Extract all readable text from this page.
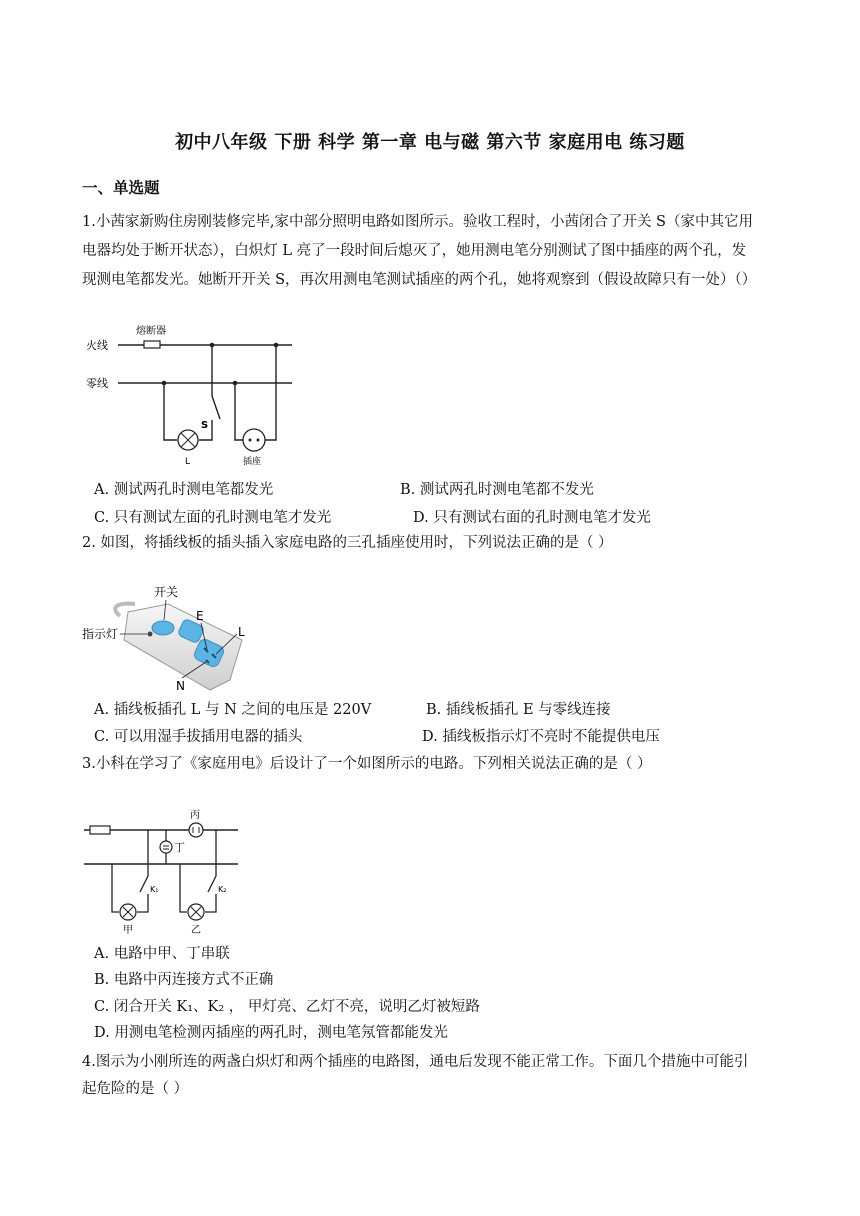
初中八年级 下册 科学 第一章 电与磁 第六节 家庭用电 练习题
一、单选题
1.小茜家新购住房刚装修完毕,家中部分照明电路如图所示。验收工程时，小茜闭合了开关 S（家中其它用
电器均处于断开状态），白炽灯 L 亮了一段时间后熄灭了，她用测电笔分别测试了图中插座的两个孔，发
现测电笔都发光。她断开开关 S，再次用测电笔测试插座的两个孔，她将观察到（假设故障只有一处）（）
熔断器
火线
零线
S
L	插座
A. 测试两孔时测电笔都发光	B. 测试两孔时测电笔都不发光
C. 只有测试左面的孔时测电笔才发光	D. 只有测试右面的孔时测电笔才发光
2. 如图，将插线板的插头插入家庭电路的三孔插座使用时，下列说法正确的是（ ）
开关
指示灯
E
L
N
A. 插线板插孔 L 与 N 之间的电压是 220V	B. 插线板插孔 E 与零线连接
C. 可以用湿手拔插用电器的插头	D. 插线板指示灯不亮时不能提供电压
3.小科在学习了《家庭用电》后设计了一个如图所示的电路。下列相关说法正确的是（ ）
丙
丁
K₁
甲
K₂
乙
A. 电路中甲、丁串联
B. 电路中丙连接方式不正确
C. 闭合开关 K₁、K₂ ， 甲灯亮、乙灯不亮，说明乙灯被短路
D. 用测电笔检测丙插座的两孔时，测电笔氖管都能发光
4.图示为小刚所连的两盏白炽灯和两个插座的电路图，通电后发现不能正常工作。下面几个措施中可能引
起危险的是（ ）
